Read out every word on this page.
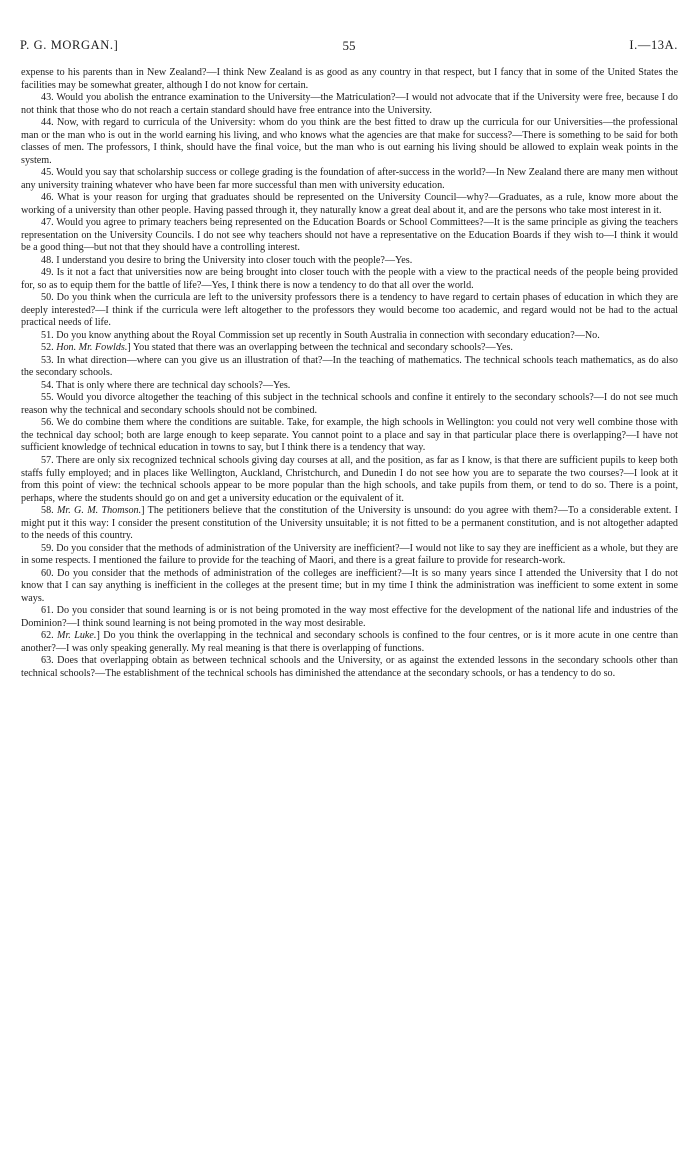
P. G. MORGAN.]	55	I.—13A.

expense to his parents than in New Zealand?—I think New Zealand is as good as any country in that respect, but I fancy that in some of the United States the facilities may be somewhat greater, although I do not know for certain.

43. Would you abolish the entrance examination to the University—the Matriculation?—I would not advocate that if the University were free, because I do not think that those who do not reach a certain standard should have free entrance into the University.

44. Now, with regard to curricula of the University: whom do you think are the best fitted to draw up the curricula for our Universities—the professional man or the man who is out in the world earning his living, and who knows what the agencies are that make for success?—There is something to be said for both classes of men. The professors, I think, should have the final voice, but the man who is out earning his living should be allowed to explain weak points in the system.

45. Would you say that scholarship success or college grading is the foundation of after-success in the world?—In New Zealand there are many men without any university training whatever who have been far more successful than men with university education.

46. What is your reason for urging that graduates should be represented on the University Council—why?—Graduates, as a rule, know more about the working of a university than other people. Having passed through it, they naturally know a great deal about it, and are the persons who take most interest in it.

47. Would you agree to primary teachers being represented on the Education Boards or School Committees?—It is the same principle as giving the teachers representation on the University Councils. I do not see why teachers should not have a representative on the Education Boards if they wish to—I think it would be a good thing—but not that they should have a controlling interest.

48. I understand you desire to bring the University into closer touch with the people?—Yes.

49. Is it not a fact that universities now are being brought into closer touch with the people with a view to the practical needs of the people being provided for, so as to equip them for the battle of life?—Yes, I think there is now a tendency to do that all over the world.

50. Do you think when the curricula are left to the university professors there is a tendency to have regard to certain phases of education in which they are deeply interested?—I think if the curricula were left altogether to the professors they would become too academic, and regard would not be had to the actual practical needs of life.

51. Do you know anything about the Royal Commission set up recently in South Australia in connection with secondary education?—No.

52. Hon. Mr. Fowlds.] You stated that there was an overlapping between the technical and secondary schools?—Yes.

53. In what direction—where can you give us an illustration of that?—In the teaching of mathematics. The technical schools teach mathematics, as do also the secondary schools.

54. That is only where there are technical day schools?—Yes.

55. Would you divorce altogether the teaching of this subject in the technical schools and confine it entirely to the secondary schools?—I do not see much reason why the technical and secondary schools should not be combined.

56. We do combine them where the conditions are suitable. Take, for example, the high schools in Wellington: you could not very well combine those with the technical day school; both are large enough to keep separate. You cannot point to a place and say in that particular place there is overlapping?—I have not sufficient knowledge of technical education in towns to say, but I think there is a tendency that way.

57. There are only six recognized technical schools giving day courses at all, and the position, as far as I know, is that there are sufficient pupils to keep both staffs fully employed; and in places like Wellington, Auckland, Christchurch, and Dunedin I do not see how you are to separate the two courses?—I look at it from this point of view: the technical schools appear to be more popular than the high schools, and take pupils from them, or tend to do so. There is a point, perhaps, where the students should go on and get a university education or the equivalent of it.

58. Mr. G. M. Thomson.] The petitioners believe that the constitution of the University is unsound: do you agree with them?—To a considerable extent. I might put it this way: I consider the present constitution of the University unsuitable; it is not fitted to be a permanent constitution, and is not altogether adapted to the needs of this country.

59. Do you consider that the methods of administration of the University are inefficient?—I would not like to say they are inefficient as a whole, but they are in some respects. I mentioned the failure to provide for the teaching of Maori, and there is a great failure to provide for research-work.

60. Do you consider that the methods of administration of the colleges are inefficient?—It is so many years since I attended the University that I do not know that I can say anything is inefficient in the colleges at the present time; but in my time I think the administration was inefficient to some extent in some ways.

61. Do you consider that sound learning is or is not being promoted in the way most effective for the development of the national life and industries of the Dominion?—I think sound learning is not being promoted in the way most desirable.

62. Mr. Luke.] Do you think the overlapping in the technical and secondary schools is confined to the four centres, or is it more acute in one centre than another?—I was only speaking generally. My real meaning is that there is overlapping of functions.

63. Does that overlapping obtain as between technical schools and the University, or as against the extended lessons in the secondary schools other than technical schools?—The establishment of the technical schools has diminished the attendance at the secondary schools, or has a tendency to do so.
